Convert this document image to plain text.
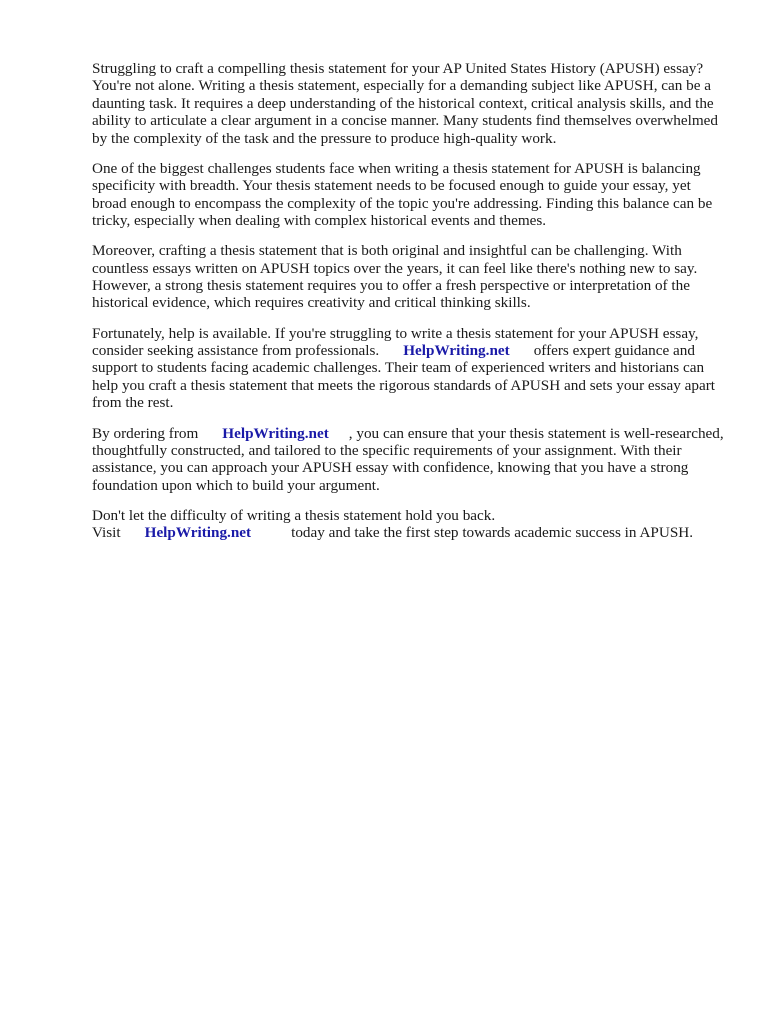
Struggling to craft a compelling thesis statement for your AP United States History (APUSH) essay? You're not alone. Writing a thesis statement, especially for a demanding subject like APUSH, can be a daunting task. It requires a deep understanding of the historical context, critical analysis skills, and the ability to articulate a clear argument in a concise manner. Many students find themselves overwhelmed by the complexity of the task and the pressure to produce high-quality work.

One of the biggest challenges students face when writing a thesis statement for APUSH is balancing specificity with breadth. Your thesis statement needs to be focused enough to guide your essay, yet broad enough to encompass the complexity of the topic you're addressing. Finding this balance can be tricky, especially when dealing with complex historical events and themes.

Moreover, crafting a thesis statement that is both original and insightful can be challenging. With countless essays written on APUSH topics over the years, it can feel like there's nothing new to say. However, a strong thesis statement requires you to offer a fresh perspective or interpretation of the historical evidence, which requires creativity and critical thinking skills.

Fortunately, help is available. If you're struggling to write a thesis statement for your APUSH essay, consider seeking assistance from professionals. HelpWriting.net offers expert guidance and support to students facing academic challenges. Their team of experienced writers and historians can help you craft a thesis statement that meets the rigorous standards of APUSH and sets your essay apart from the rest.

By ordering from HelpWriting.net , you can ensure that your thesis statement is well-researched, thoughtfully constructed, and tailored to the specific requirements of your assignment. With their assistance, you can approach your APUSH essay with confidence, knowing that you have a strong foundation upon which to build your argument.

Don't let the difficulty of writing a thesis statement hold you back. Visit HelpWriting.net	today and take the first step towards academic success in APUSH.
